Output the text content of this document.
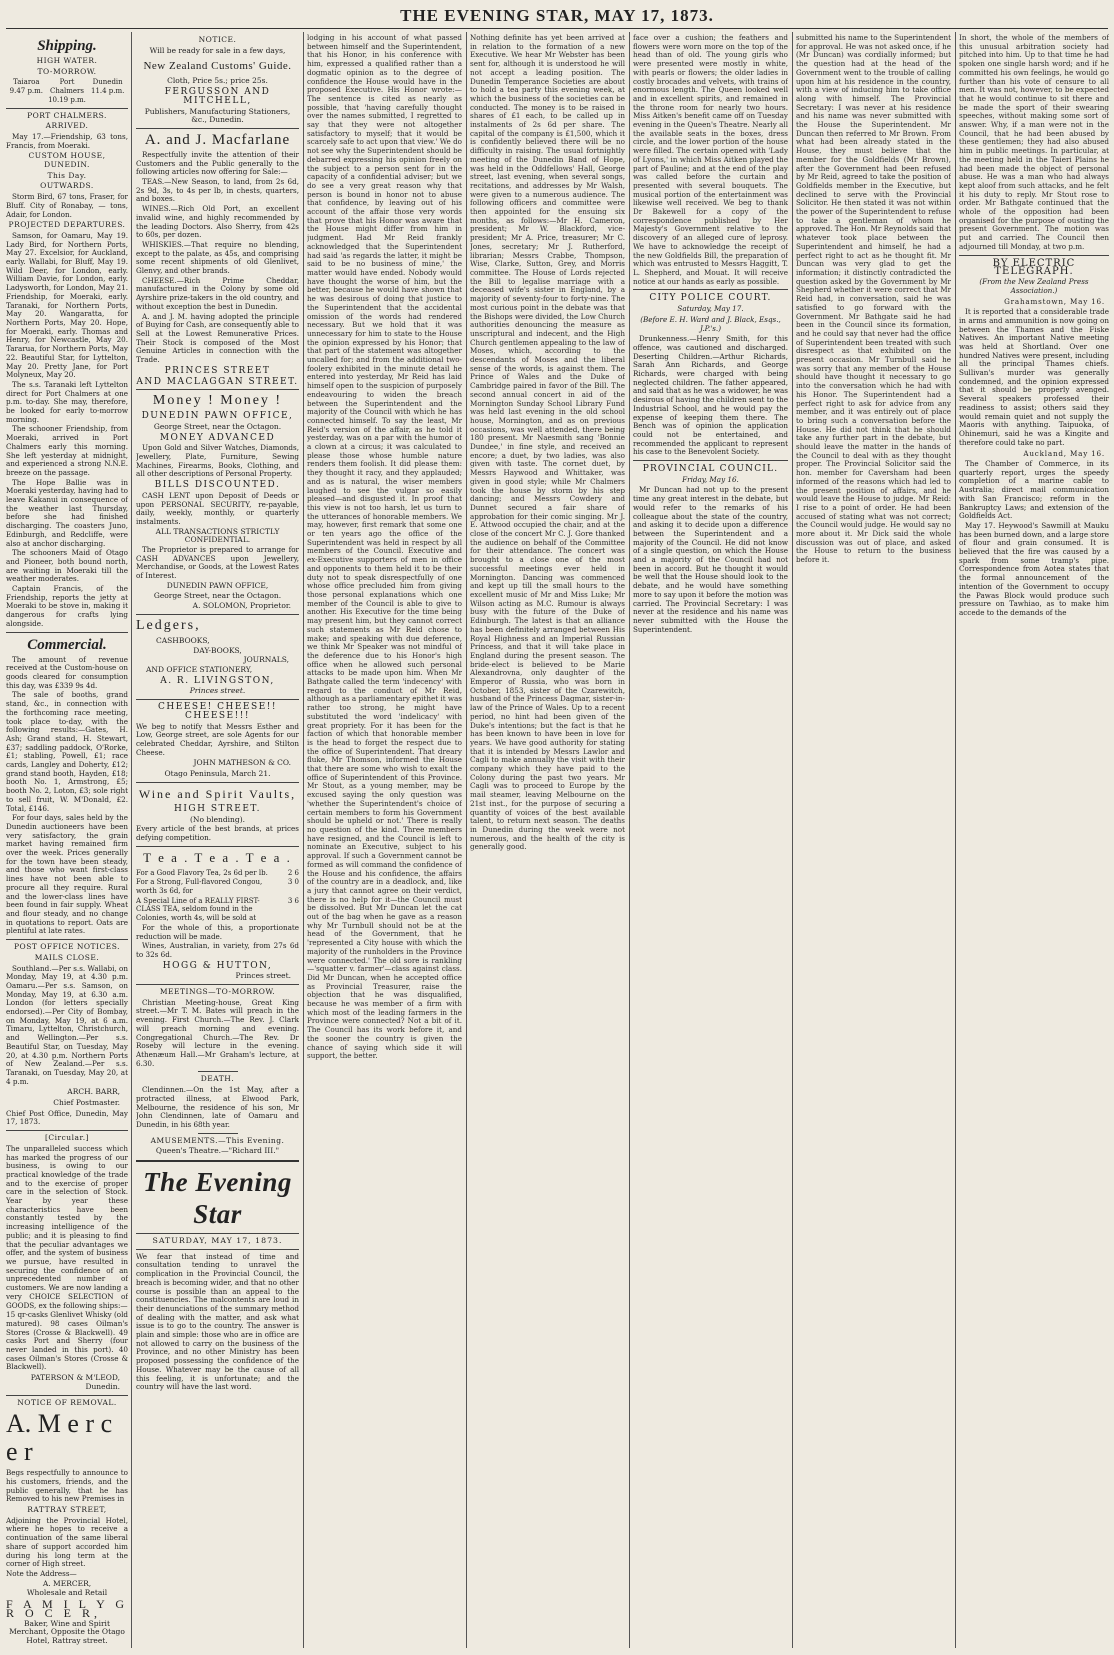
THE EVENING STAR, MAY 17, 1873.
Shipping.
HIGH WATER.
TO-MORROW.
Taiaroa 9.47 p.m.
Port Chalmers 10.19 p.m.
Dunedin 11.4 p.m.
PORT CHALMERS.
ARRIVED.

May 17.—Friendship, 63 tons, Francis, from Moeraki.

CUSTOM HOUSE, DUNEDIN.
This Day.
OUTWARDS.

Storm Bird, 67 tons, Fraser, for Bluff. City of Ronabay, — tons, Adair, for London.

PROJECTED DEPARTURES.

Samson, for Oamaru, May 19. Lady Bird, for Northern Ports, May 27. Excelsior, for Auckland, early. Wallabi, for Bluff, May 19. Wild Deer, for London, early. William Davie, for London, early. Ladysworth, for London, May 21. Friendship, for Moeraki, early. Taranaki, for Northern Ports, May 20. Wangaratta, for Northern Ports, May 20. Hope, for Moeraki, early. Thomas and Henry, for Newcastle, May 20. Tararua, for Northern Ports, May 22. Beautiful Star, for Lyttelton, May 20. Pretty Jane, for Port Molyneux, May 20.

The s.s. Taranaki left Lyttelton direct for Port Chalmers at one p.m. to-day. She may, therefore, be looked for early to-morrow morning.

The schooner Friendship, from Moeraki, arrived in Port Chalmers early this morning. She left yesterday at midnight, and experienced a strong N.N.E. breeze on the passage.

The Hope Ballie was in Moeraki yesterday, having had to leave Kakanui in consequence of the weather last Thursday, before she had finished discharging. The coasters Juno, Edinburgh, and Redcliffe, were also at anchor discharging.

The schooners Maid of Otago and Pioneer, both bound north, are waiting in Moeraki till the weather moderates.

Captain Francis, of the Friendship, reports the jetty at Moeraki to be stove in, making it dangerous for crafts lying alongside.

Commercial.

The amount of revenue received at the Custom-house on goods cleared for consumption this day, was £339 9s 4d.

The sale of booths, grand stand, &c., in connection with the forthcoming race meeting, took place to-day, with the following results:—Gates, H. Ash; Grand stand, H. Stewart, £37; saddling paddock, O'Rorke, £1; stabling, Powell, £1; race cards, Langley and Doherty, £12; grand stand booth, Hayden, £18; booth No. 1, Armstrong, £5; booth No. 2, Loton, £3; sole right to sell fruit, W. M'Donald, £2. Total, £146.

For four days, sales held by the Dunedin auctioneers have been very satisfactory, the grain market having remained firm over the week. Prices generally for the town have been steady, and those who want first-class lines have not been able to procure all they require. Rural and the lower-class lines have been found in fair supply. Wheat and flour steady, and no change in quotations to report. Oats are plentiful at late rates.

POST OFFICE NOTICES.
MAILS CLOSE.

Southland.—Per s.s. Wallabi, on Monday, May 19, at 4.30 p.m. Oamaru.—Per s.s. Samson, on Monday, May 19, at 6.30 a.m. London (for letters specially endorsed).—Per City of Bombay, on Monday, May 19, at 6 a.m. Timaru, Lyttelton, Christchurch, and Wellington.—Per s.s. Beautiful Star, on Tuesday, May 20, at 4.30 p.m. Northern Ports of New Zealand.—Per s.s. Taranaki, on Tuesday, May 20, at 4 p.m.

ARCH. BARR,
Chief Postmaster.

Chief Post Office, Dunedin, May 17, 1873.

[Circular.]

The unparalleled success which has marked the progress of our business, is owing to our practical knowledge of the trade and to the exercise of proper care in the selection of Stock. Year by year these characteristics have been constantly tested by the increasing intelligence of the public; and it is pleasing to find that the peculiar advantages we offer, and the system of business we pursue, have resulted in securing the confidence of an unprecedented number of customers. We are now landing a very CHOICE SELECTION of GOODS, ex the following ships:—

15 qr-casks Glenlivet Whisky (old matured). 98 cases Oilman's Stores (Crosse & Blackwell). 49 casks Port and Sherry (four never landed in this port). 40 cases Oilman's Stores (Crosse & Blackwell).

PATERSON & M'LEOD, Dunedin.
NOTICE OF REMOVAL.
A. M e r c e r

Begs respectfully to announce to his customers, friends, and the public generally, that he has Removed to his new Premises in

RATTRAY STREET,

Adjoining the Provincial Hotel, where he hopes to receive a continuation of the same liberal share of support accorded him during his long term at the corner of High street.

Note the Address—

A. MERCER,
Wholesale and Retail
F A M I L Y G R O C E R,
Baker, Wine and Spirit Merchant, Opposite the Otago Hotel, Rattray street.
NOTICE.
Will be ready for sale in a few days,
New Zealand Customs' Guide.
Cloth, Price 5s.; price 25s.
FERGUSSON AND MITCHELL,
Publishers, Manufacturing Stationers, &c., Dunedin.
A. and J. Macfarlane

Respectfully invite the attention of their Customers and the Public generally to the following articles now offering for Sale:—

TEAS.—New Season, to land, from 2s 6d, 2s 9d, 3s, to 4s per lb, in chests, quarters, and boxes.

WINES.—Rich Old Port, an excellent invalid wine, and highly recommended by the leading Doctors. Also Sherry, from 42s to 60s, per dozen.

WHISKIES.—That require no blending, except to the palate, as 45s, and comprising some recent shipments of old Glenlivet, Glenvy, and other brands.

CHEESE.—Rich Prime Cheddar, manufactured in the Colony by some old Ayrshire prize-takers in the old country, and without exception the best in Dunedin.

A. and J. M. having adopted the principle of Buying for Cash, are consequently able to Sell at the Lowest Remunerative Prices. Their Stock is composed of the Most Genuine Articles in connection with the Trade.

PRINCES STREET
AND MACLAGGAN STREET.
Money ! Money !
DUNEDIN PAWN OFFICE,
George Street, near the Octagon.
MONEY ADVANCED

Upon Gold and Silver Watches, Diamonds, Jewellery, Plate, Furniture, Sewing Machines, Firearms, Books, Clothing, and all other descriptions of Personal Property.

BILLS DISCOUNTED.

CASH LENT upon Deposit of Deeds or upon PERSONAL SECURITY, re-payable, daily, weekly, monthly, or quarterly instalments.

ALL TRANSACTIONS STRICTLY CONFIDENTIAL.

The Proprietor is prepared to arrange for CASH ADVANCES upon Jewellery, Merchandise, or Goods, at the Lowest Rates of Interest.

DUNEDIN PAWN OFFICE,
George Street, near the Octagon.
A. SOLOMON, Proprietor.
Ledgers,
CASHBOOKS,
DAY-BOOKS,
JOURNALS,
AND OFFICE STATIONERY,
A. R. LIVINGSTON,
Princes street.
CHEESE! CHEESE!! CHEESE!!!

We beg to notify that Messrs Esther and Low, George street, are sole Agents for our celebrated Cheddar, Ayrshire, and Stilton Cheese.

JOHN MATHESON & CO.
Otago Peninsula, March 21.
Wine and Spirit Vaults,
HIGH STREET.
(No blending).

Every article of the best brands, at prices defying competition.

T e a . T e a . T e a .
For a Good Flavory Tea, 2s 6d per lb.	2 6
For a Strong, Full-flavored Congou, worth 3s 6d, for
3 0
A Special Line of a REALLY FIRST-CLASS TEA, seldom found in the Colonies, worth 4s, will be sold at
3 6

For the whole of this, a proportionate reduction will be made.

Wines, Australian, in variety, from 27s 6d to 32s 6d.

HOGG & HUTTON,
Princes street.
MEETINGS—TO-MORROW.

Christian Meeting-house, Great King street.—Mr T. M. Bates will preach in the evening. First Church.—The Rev. J. Clark will preach morning and evening. Congregational Church.—The Rev. Dr Roseby will lecture in the evening. Athenæum Hall.—Mr Graham's lecture, at 6.30.

DEATH.

Clendinnen.—On the 1st May, after a protracted illness, at Elwood Park, Melbourne, the residence of his son, Mr John Clendinnen, late of Oamaru and Dunedin, in his 68th year.

AMUSEMENTS.—This Evening.
Queen's Theatre.—"Richard III."
The Evening Star
SATURDAY, MAY 17, 1873.

We fear that instead of time and consultation tending to unravel the complication in the Provincial Council, the breach is becoming wider, and that no other course is possible than an appeal to the constituencies. The malcontents are loud in their denunciations of the summary method of dealing with the matter, and ask what issue is to go to the country. The answer is plain and simple: those who are in office are not allowed to carry on the business of the Province, and no other Ministry has been proposed possessing the confidence of the House. Whatever may be the cause of all this feeling, it is unfortunate; and the country will have the last word.

lodging in his account of what passed between himself and the Superintendent, that his Honor, in his conference with him, expressed a qualified rather than a dogmatic opinion as to the degree of confidence the House would have in the proposed Executive. His Honor wrote:— The sentence is cited as nearly as possible, that 'having carefully thought over the names submitted, I regretted to say that they were not altogether satisfactory to myself; that it would be scarcely safe to act upon that view.' We do not see why the Superintendent should be debarred expressing his opinion freely on the subject to a person sent for in the capacity of a confidential adviser; but we do see a very great reason why that person is bound in honor not to abuse that confidence, by leaving out of his account of the affair those very words that prove that his Honor was aware that the House might differ from him in judgment. Had Mr Reid frankly acknowledged that the Superintendent had said 'as regards the latter, it might be said to be no business of mine,' the matter would have ended. Nobody would have thought the worse of him, but the better, because he would have shown that he was desirous of doing that justice to the Superintendent that the accidental omission of the words had rendered necessary. But we hold that it was unnecessary for him to state to the House the opinion expressed by his Honor; that that part of the statement was altogether uncalled for; and from the additional two-foolery exhibited in the minute detail he entered into yesterday, Mr Reid has laid himself open to the suspicion of purposely endeavouring to widen the breach between the Superintendent and the majority of the Council with which he has connected himself. To say the least, Mr Reid's version of the affair, as he told it yesterday, was on a par with the humor of a clown at a circus; it was calculated to please those whose humble nature renders them foolish. It did please them: they thought it racy, and they applauded; and as is natural, the wiser members laughed to see the vulgar so easily pleased—and disgusted it. In proof that this view is not too harsh, let us turn to the utterances of honorable members. We may, however, first remark that some one or ten years ago the office of the Superintendent was held in respect by all members of the Council. Executive and ex-Executive supporters of men in office and opponents to them held it to be their duty not to speak disrespectfully of one whose office precluded him from giving those personal explanations which one member of the Council is able to give to another. His Executive for the time being may present him, but they cannot correct such statements as Mr Reid chose to make; and speaking with due deference, we think Mr Speaker was not mindful of the deference due to his Honor's high office when he allowed such personal attacks to be made upon him. When Mr Bathgate called the term 'indecency' with regard to the conduct of Mr Reid, although as a parliamentary epithet it was rather too strong, he might have substituted the word 'indelicacy' with great propriety. For it has been for the faction of which that honorable member is the head to forget the respect due to the office of Superintendent. That dreary fluke, Mr Thomson, informed the House that there are some who wish to exalt the office of Superintendent of this Province. Mr Stout, as a young member, may be excused saying the only question was 'whether the Superintendent's choice of certain members to form his Government should be upheld or not.' There is really no question of the kind. Three members have resigned, and the Council is left to nominate an Executive, subject to his approval. If such a Government cannot be formed as will command the confidence of the House and his confidence, the affairs of the country are in a deadlock, and, like a jury that cannot agree on their verdict, there is no help for it—the Council must be dissolved. But Mr Duncan let the cat out of the bag when he gave as a reason why Mr Turnbull should not be at the head of the Government, that he 'represented a City house with which the majority of the runholders in the Province were connected.' The old sore is rankling—'squatter v. farmer'—class against class. Did Mr Duncan, when he accepted office as Provincial Treasurer, raise the objection that he was disqualified, because he was member of a firm with which most of the leading farmers in the Province were connected? Not a bit of it. The Council has its work before it, and the sooner the country is given the chance of saying which side it will support, the better.

Nothing definite has yet been arrived at in relation to the formation of a new Executive. We hear Mr Webster has been sent for, although it is understood he will not accept a leading position. The Dunedin Temperance Societies are about to hold a tea party this evening week, at which the business of the societies can be conducted. The money is to be raised in shares of £1 each, to be called up in instalments of 2s 6d per share. The capital of the company is £1,500, which it is confidently believed there will be no difficulty in raising. The usual fortnightly meeting of the Dunedin Band of Hope, was held in the Oddfellows' Hall, George street, last evening, when several songs, recitations, and addresses by Mr Walsh, were given to a numerous audience. The following officers and committee were then appointed for the ensuing six months, as follows:—Mr H. Cameron, president; Mr W. Blackford, vice-president; Mr A. Price, treasurer; Mr C. Jones, secretary; Mr J. Rutherford, librarian; Messrs Crabbe, Thompson, Wise, Clarke, Sutton, Grey, and Morris committee. The House of Lords rejected the Bill to legalise marriage with a deceased wife's sister in England, by a majority of seventy-four to forty-nine. The most curious point in the debate was that the Bishops were divided, the Low Church authorities denouncing the measure as unscriptural and indecent, and the High Church gentlemen appealing to the law of Moses, which, according to the descendants of Moses and the liberal sense of the words, is against them. The Prince of Wales and the Duke of Cambridge paired in favor of the Bill. The second annual concert in aid of the Mornington Sunday School Library Fund was held last evening in the old school house, Mornington, and as on previous occasions, was well attended, there being 180 present. Mr Naesmith sang 'Bonnie Dundee,' in fine style, and received an encore; a duet, by two ladies, was also given with taste. The cornet duet, by Messrs Haywood and Whittaker, was given in good style; while Mr Chalmers took the house by storm by his step dancing; and Messrs Cowdery and Dunnet secured a fair share of approbation for their comic singing. Mr J. E. Attwood occupied the chair, and at the close of the concert Mr C. J. Gore thanked the audience on behalf of the Committee for their attendance. The concert was brought to a close one of the most successful meetings ever held in Mornington. Dancing was commenced and kept up till the small hours to the excellent music of Mr and Miss Luke; Mr Wilson acting as M.C. Rumour is always busy with the future of the Duke of Edinburgh. The latest is that an alliance has been definitely arranged between His Royal Highness and an Imperial Russian Princess, and that it will take place in England during the present season. The bride-elect is believed to be Marie Alexandrovna, only daughter of the Emperor of Russia, who was born in October, 1853, sister of the Czarewitch, husband of the Princess Dagmar, sister-in-law of the Prince of Wales. Up to a recent period, no hint had been given of the Duke's intentions; but the fact is that he has been known to have been in love for years. We have good authority for stating that it is intended by Messrs Lawlor and Cagli to make annually the visit with their company which they have paid to the Colony during the past two years. Mr Cagli was to proceed to Europe by the mail steamer, leaving Melbourne on the 21st inst., for the purpose of securing a quantity of voices of the best available talent, to return next season. The deaths in Dunedin during the week were not numerous, and the health of the city is generally good.

face over a cushion; the feathers and flowers were worn more on the top of the head than of old. The young girls who were presented were mostly in white, with pearls or flowers; the older ladies in costly brocades and velvets, with trains of enormous length. The Queen looked well and in excellent spirits, and remained in the throne room for nearly two hours. Miss Aitken's benefit came off on Tuesday evening in the Queen's Theatre. Nearly all the available seats in the boxes, dress circle, and the lower portion of the house were filled. The certain opened with 'Lady of Lyons,' in which Miss Aitken played the part of Pauline; and at the end of the play was called before the curtain and presented with several bouquets. The musical portion of the entertainment was likewise well received. We beg to thank Dr Bakewell for a copy of the correspondence published by Her Majesty's Government relative to the discovery of an alleged cure of leprosy. We have to acknowledge the receipt of the new Goldfields Bill, the preparation of which was entrusted to Messrs Haggitt, T. L. Shepherd, and Mouat. It will receive notice at our hands as early as possible.

CITY POLICE COURT.
Saturday, May 17.
(Before E. H. Ward and J. Black, Esqs., J.P.'s.)

Drunkenness.—Henry Smith, for this offence, was cautioned and discharged. Deserting Children.—Arthur Richards, Sarah Ann Richards, and George Richards, were charged with being neglected children. The father appeared, and said that as he was a widower, he was desirous of having the children sent to the Industrial School, and he would pay the expense of keeping them there. The Bench was of opinion the application could not be entertained, and recommended the applicant to represent his case to the Benevolent Society.

PROVINCIAL COUNCIL.
Friday, May 16.

Mr Duncan had not up to the present time any great interest in the debate, but would refer to the remarks of his colleague about the state of the country, and asking it to decide upon a difference between the Superintendent and a majority of the Council. He did not know of a single question, on which the House and a majority of the Council had not been in accord. But he thought it would be well that the House should look to the debate, and he would have something more to say upon it before the motion was carried. The Provincial Secretary: I was never at the residence and his name was never submitted with the House the Superintendent.

submitted his name to the Superintendent for approval. He was not asked once, if he (Mr Duncan) was cordially informed; but the question had at the head of the Government went to the trouble of calling upon him at his residence in the country, with a view of inducing him to take office along with himself. The Provincial Secretary: I was never at his residence and his name was never submitted with the House the Superintendent. Mr Duncan then referred to Mr Brown. From what had been already stated in the House, they must believe that the member for the Goldfields (Mr Brown), after the Government had been refused by Mr Reid, agreed to take the position of Goldfields member in the Executive, but declined to serve with the Provincial Solicitor. He then stated it was not within the power of the Superintendent to refuse to take a gentleman of whom he approved. The Hon. Mr Reynolds said that whatever took place between the Superintendent and himself, he had a perfect right to act as he thought fit. Mr Duncan was very glad to get the information; it distinctly contradicted the question asked by the Government by Mr Shepherd whether it were correct that Mr Reid had, in conversation, said he was satisfied to go forward with the Government. Mr Bathgate said he had been in the Council since its formation, and he could say that never had the office of Superintendent been treated with such disrespect as that exhibited on the present occasion. Mr Turnbull said he was sorry that any member of the House should have thought it necessary to go into the conversation which he had with his Honor. The Superintendent had a perfect right to ask for advice from any member, and it was entirely out of place to bring such a conversation before the House. He did not think that he should take any further part in the debate, but should leave the matter in the hands of the Council to deal with as they thought proper. The Provincial Solicitor said the hon. member for Caversham had been informed of the reasons which had led to the present position of affairs, and he would leave the House to judge. Mr Reid: I rise to a point of order. He had been accused of stating what was not correct; the Council would judge. He would say no more about it. Mr Dick said the whole discussion was out of place, and asked the House to return to the business before it.

In short, the whole of the members of this unusual arbitration society had pitched into him. Up to that time he had spoken one single harsh word; and if he committed his own feelings, he would go further than his vote of censure to all men. It was not, however, to be expected that he would continue to sit there and be made the sport of their swearing speeches, without making some sort of answer. Why, if a man were not in the Council, that he had been abused by these gentlemen; they had also abused him in public meetings. In particular, at the meeting held in the Taieri Plains he had been made the object of personal abuse. He was a man who had always kept aloof from such attacks, and he felt it his duty to reply. Mr Stout rose to order. Mr Bathgate continued that the whole of the opposition had been organised for the purpose of ousting the present Government. The motion was put and carried. The Council then adjourned till Monday, at two p.m.

BY ELECTRIC TELEGRAPH.
(From the New Zealand Press Association.)
Grahamstown, May 16.

It is reported that a considerable trade in arms and ammunition is now going on between the Thames and the Fiske Natives. An important Native meeting was held at Shortland. Over one hundred Natives were present, including all the principal Thames chiefs. Sullivan's murder was generally condemned, and the opinion expressed that it should be properly avenged. Several speakers professed their readiness to assist; others said they would remain quiet and not supply the Maoris with anything. Taipuoka, of Ohinemuri, said he was a Kingite and therefore could take no part.

Auckland, May 16.

The Chamber of Commerce, in its quarterly report, urges the speedy completion of a marine cable to Australia; direct mail communication with San Francisco; reform in the Bankruptcy Laws; and extension of the Goldfields Act.

May 17. Heywood's Sawmill at Mauku has been burned down, and a large store of flour and grain consumed. It is believed that the fire was caused by a spark from some tramp's pipe. Correspondence from Aotea states that the formal announcement of the intention of the Government to occupy the Pawas Block would produce such pressure on Tawhiao, as to make him accede to the demands of the
